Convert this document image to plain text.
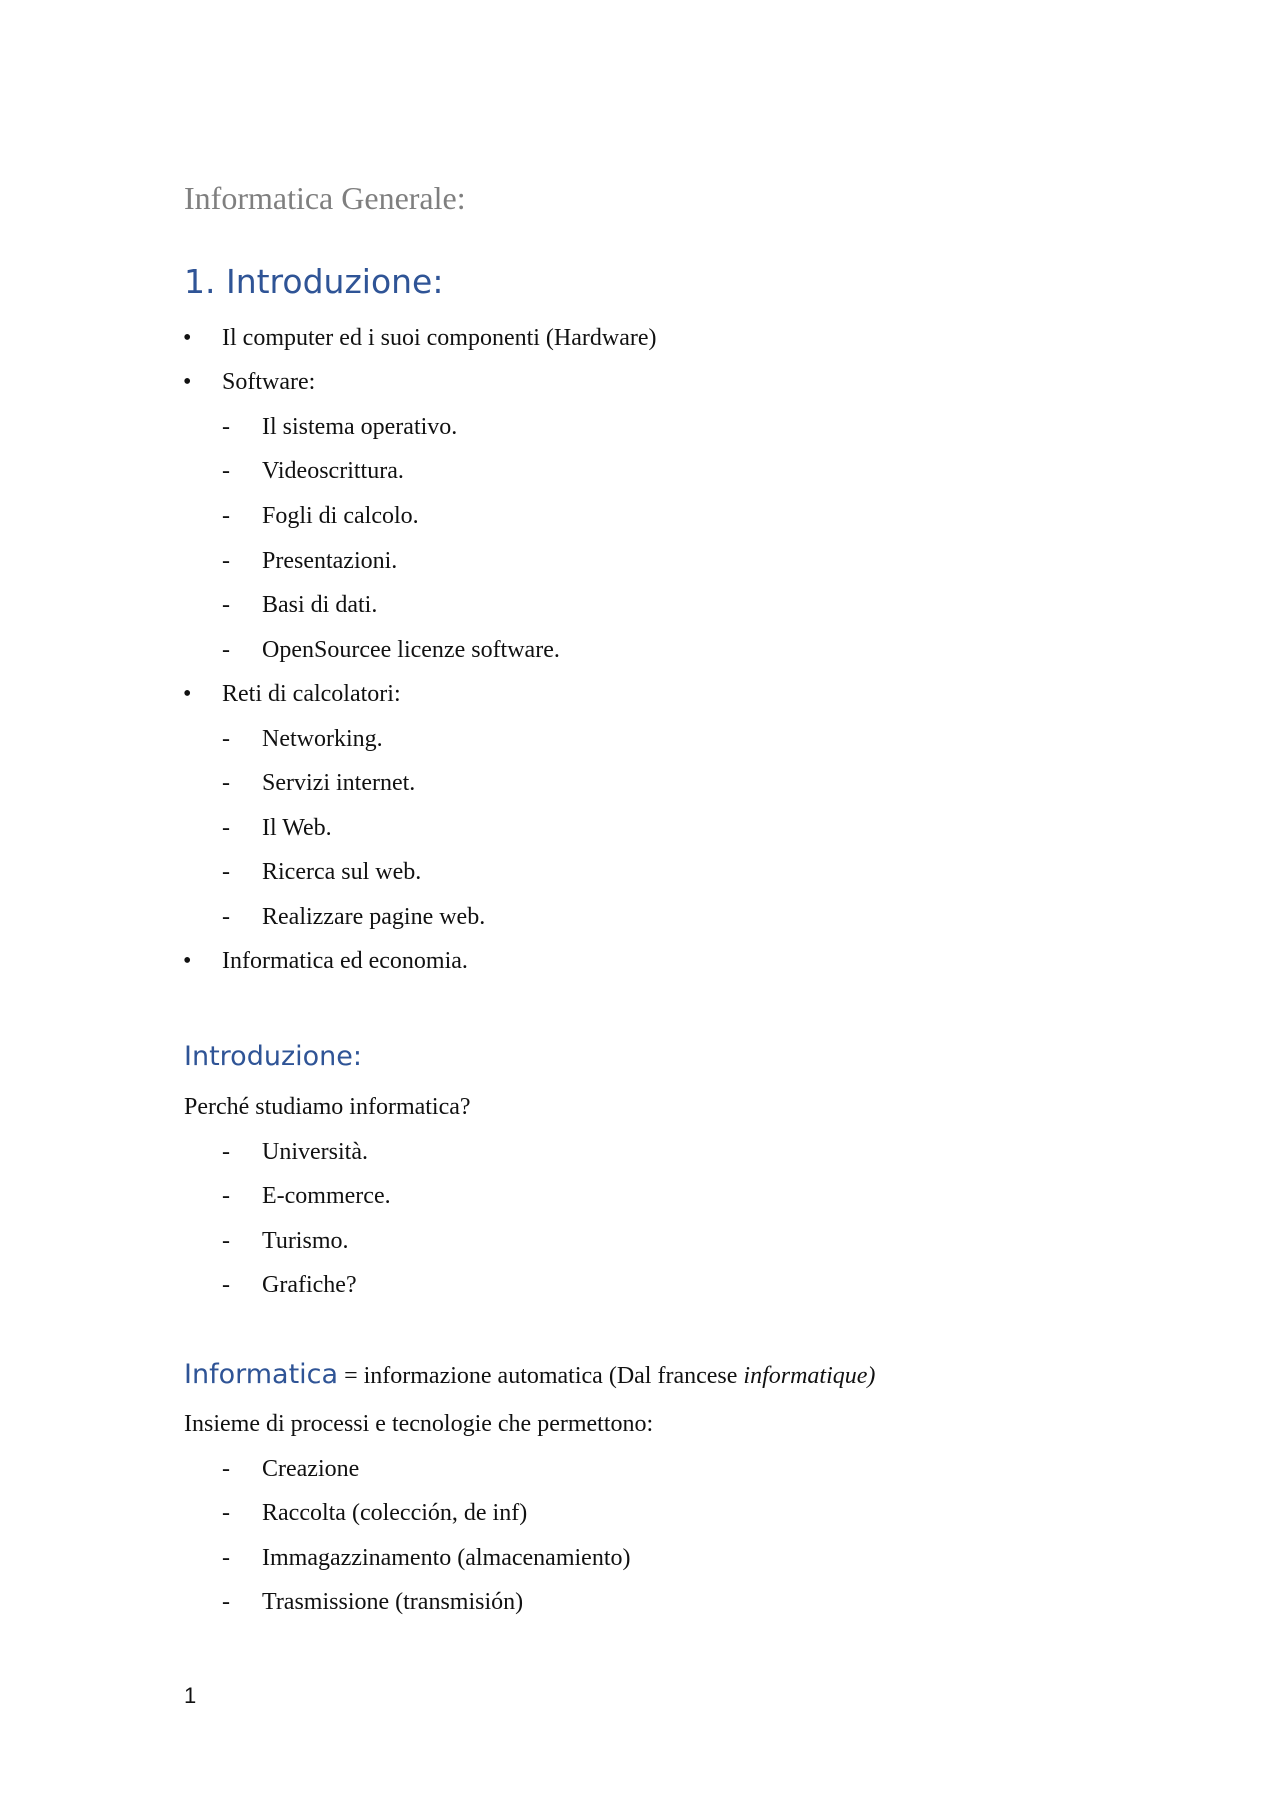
Informatica Generale:
1. Introduzione:
• Il computer ed i suoi componenti (Hardware)
• Software:
- Il sistema operativo.
- Videoscrittura.
- Fogli di calcolo.
- Presentazioni.
- Basi di dati.
- OpenSourcee licenze software.
• Reti di calcolatori:
- Networking.
- Servizi internet.
- Il Web.
- Ricerca sul web.
- Realizzare pagine web.
• Informatica ed economia.
Introduzione:
Perché studiamo informatica?
- Università.
- E-commerce.
- Turismo.
- Grafiche?
Informatica = informazione automatica (Dal francese informatique)
Insieme di processi e tecnologie che permettono:
- Creazione
- Raccolta (colección, de inf)
- Immagazzinamento (almacenamiento)
- Trasmissione (transmisión)
1
